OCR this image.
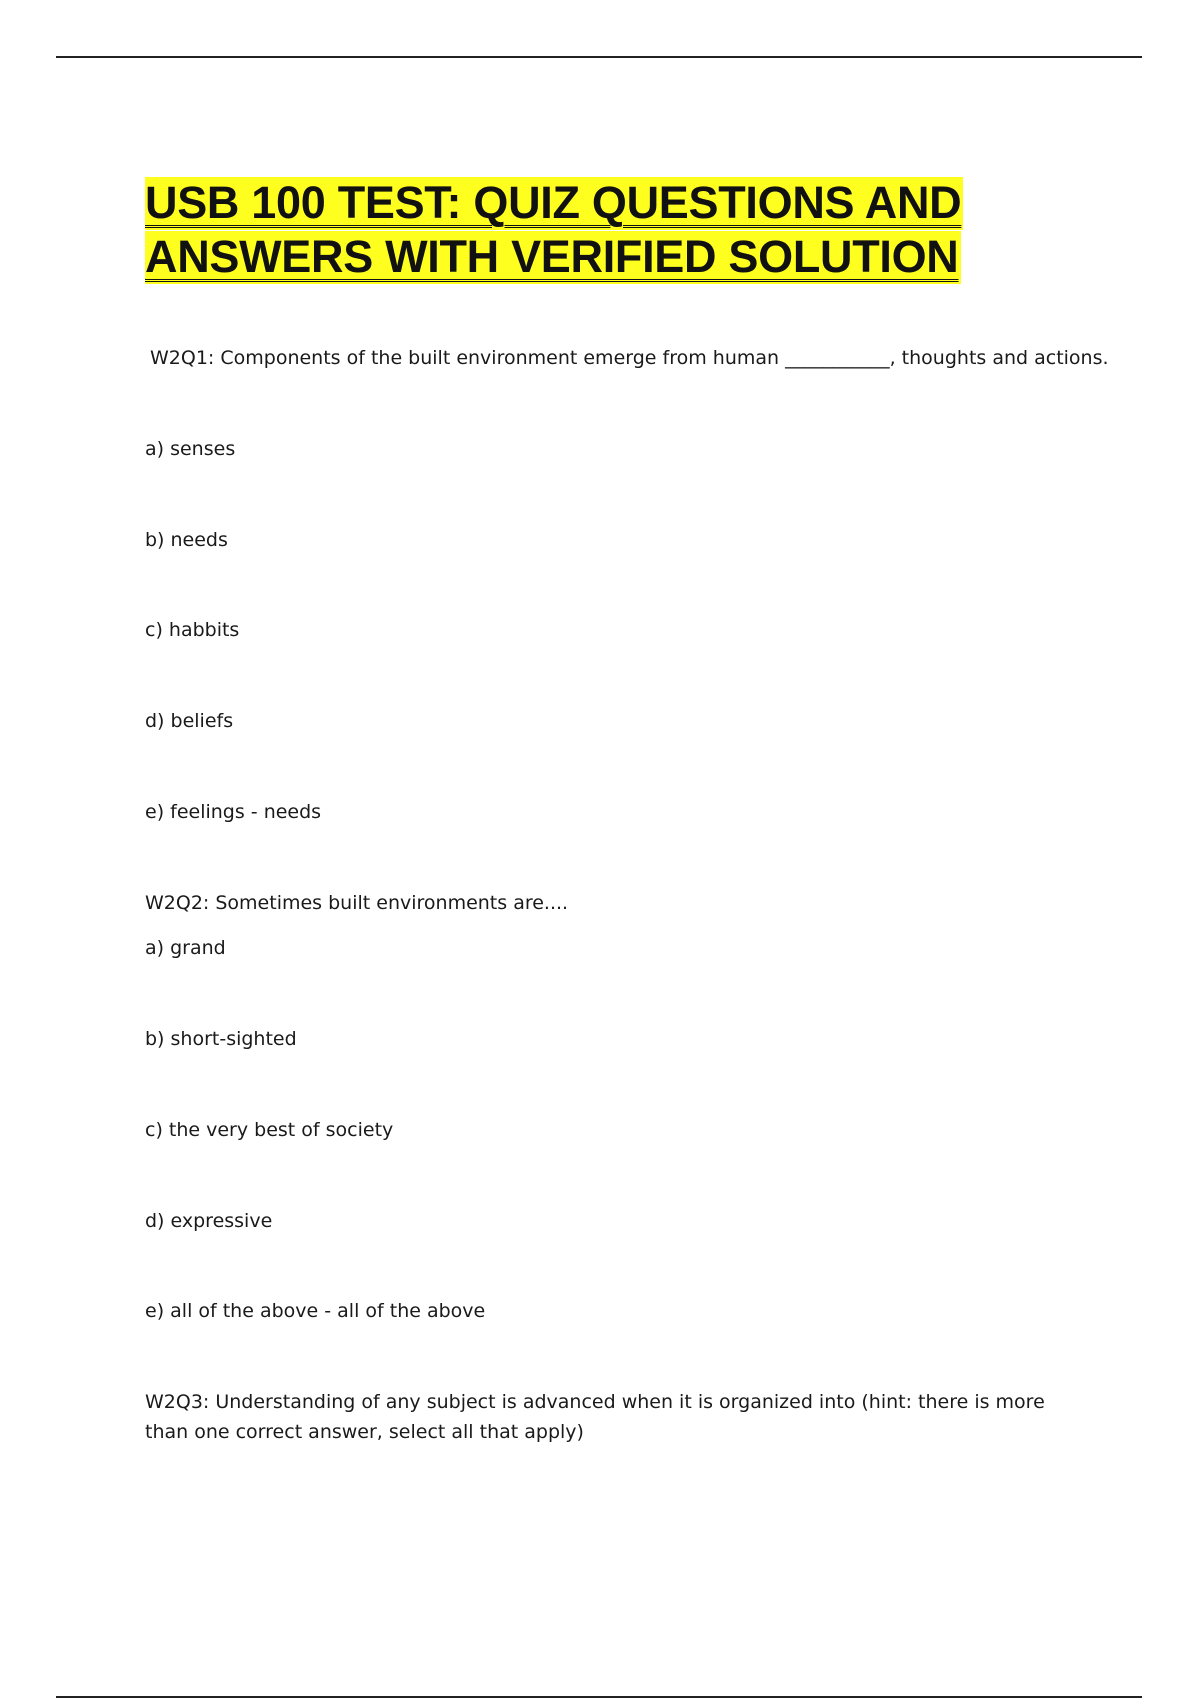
USB 100 TEST: QUIZ QUESTIONS AND
ANSWERS WITH VERIFIED SOLUTION

W2Q1: Components of the built environment emerge from human ___________, thoughts and actions.

a) senses

b) needs

c) habbits

d) beliefs

e) feelings - needs

W2Q2: Sometimes built environments are....

a) grand

b) short-sighted

c) the very best of society

d) expressive

e) all of the above - all of the above

W2Q3: Understanding of any subject is advanced when it is organized into (hint: there is more than one correct answer, select all that apply)
